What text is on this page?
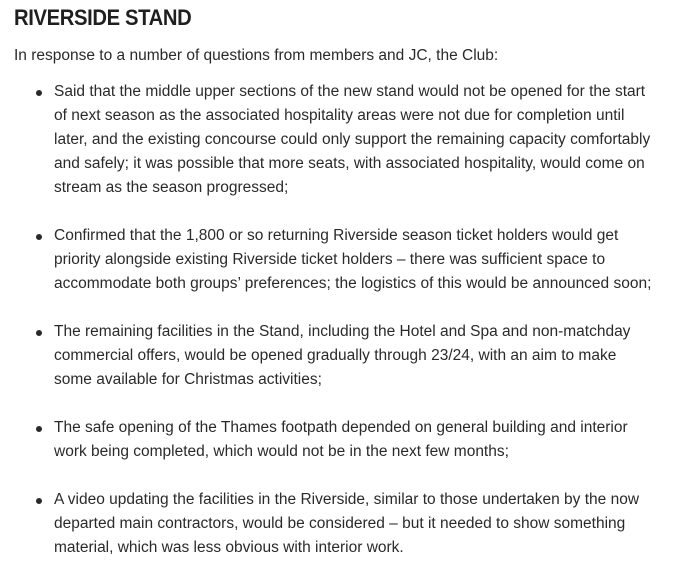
RIVERSIDE STAND

In response to a number of questions from members and JC, the Club:

Said that the middle upper sections of the new stand would not be opened for the start
of next season as the associated hospitality areas were not due for completion until
later, and the existing concourse could only support the remaining capacity comfortably
and safely; it was possible that more seats, with associated hospitality, would come on
stream as the season progressed;
Confirmed that the 1,800 or so returning Riverside season ticket holders would get
priority alongside existing Riverside ticket holders – there was sufficient space to
accommodate both groups’ preferences; the logistics of this would be announced soon;
The remaining facilities in the Stand, including the Hotel and Spa and non-matchday
commercial offers, would be opened gradually through 23/24, with an aim to make
some available for Christmas activities;
The safe opening of the Thames footpath depended on general building and interior
work being completed, which would not be in the next few months;
A video updating the facilities in the Riverside, similar to those undertaken by the now
departed main contractors, would be considered – but it needed to show something
material, which was less obvious with interior work.
